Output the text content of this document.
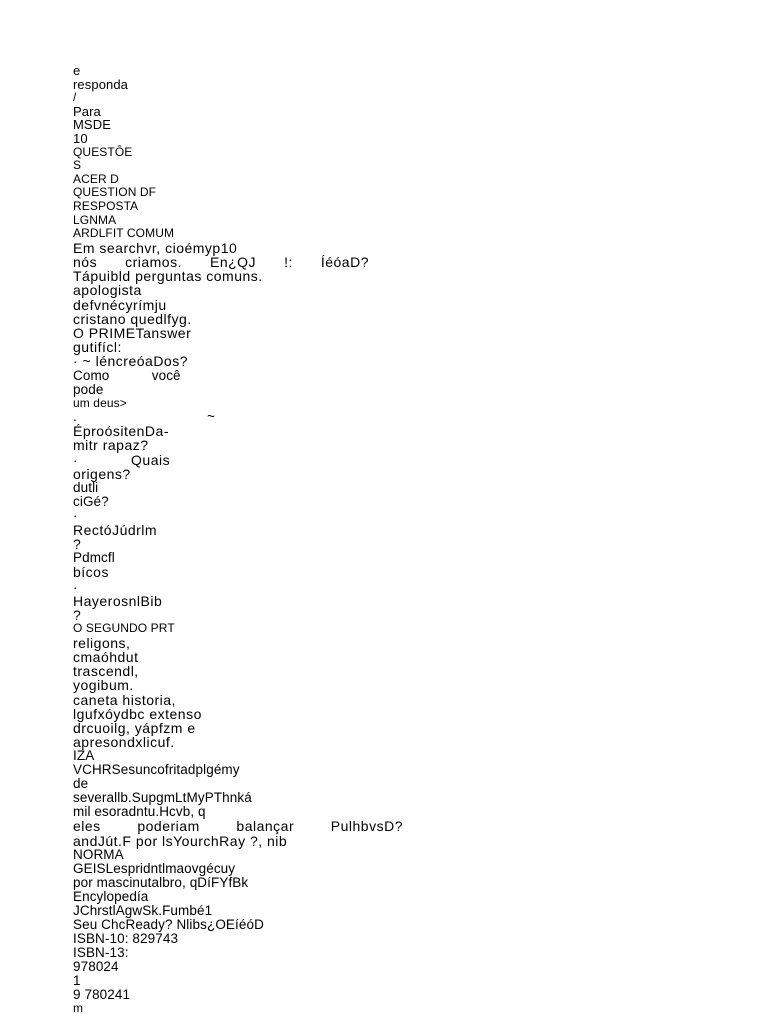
e
responda
/
Para
MSDE
10
QUESTÔE
S
ACER D
QUESTION DF
RESPOSTA
LGNMA
ARDLFIT COMUM
Em searchvr, cioémyp10
nós criamos. En¿QJ !: ÍéóaD?
Tápuibld perguntas comuns.
apologista
defvnécyrímju
cristano quedlfyg.
O PRIMETanswer
gutifícl:
· ~ léncreóaDos?
Como	você
pode
um deus>
.	~
ÉproósitenDa-
mitr rapaz?
·	Quais
origens?
dutli
ciGé?
·
RectóJúdrlm
?
Pdmcfl
bícos
·
HayerosnlBib
?
O SEGUNDO PRT
religons,
cmaóhdut
trascendl,
yogibum.
caneta historia,
lgufxóydbc extenso
drcuoilg, yápfzm e
apresondxlicuf.
IZA
VCHRSesuncofritadplgémy
de
severallb.SupgmLtMyPThnká
mil esoradntu.Hcvb, q
eles	poderiam	balançar	PulhbvsD?
andJút.F por lsYourchRay ?, nib
NORMA
GEISLespridntlmaovgécuy
por mascinutalbro, qDíFYfBk
Encylopedía
JChrstlAgwSk.Fumbé1
Seu ChcReady? Nlibs¿OEíéóD
ISBN-10: 829743
ISBN-13:
978024
1
9 780241
m
